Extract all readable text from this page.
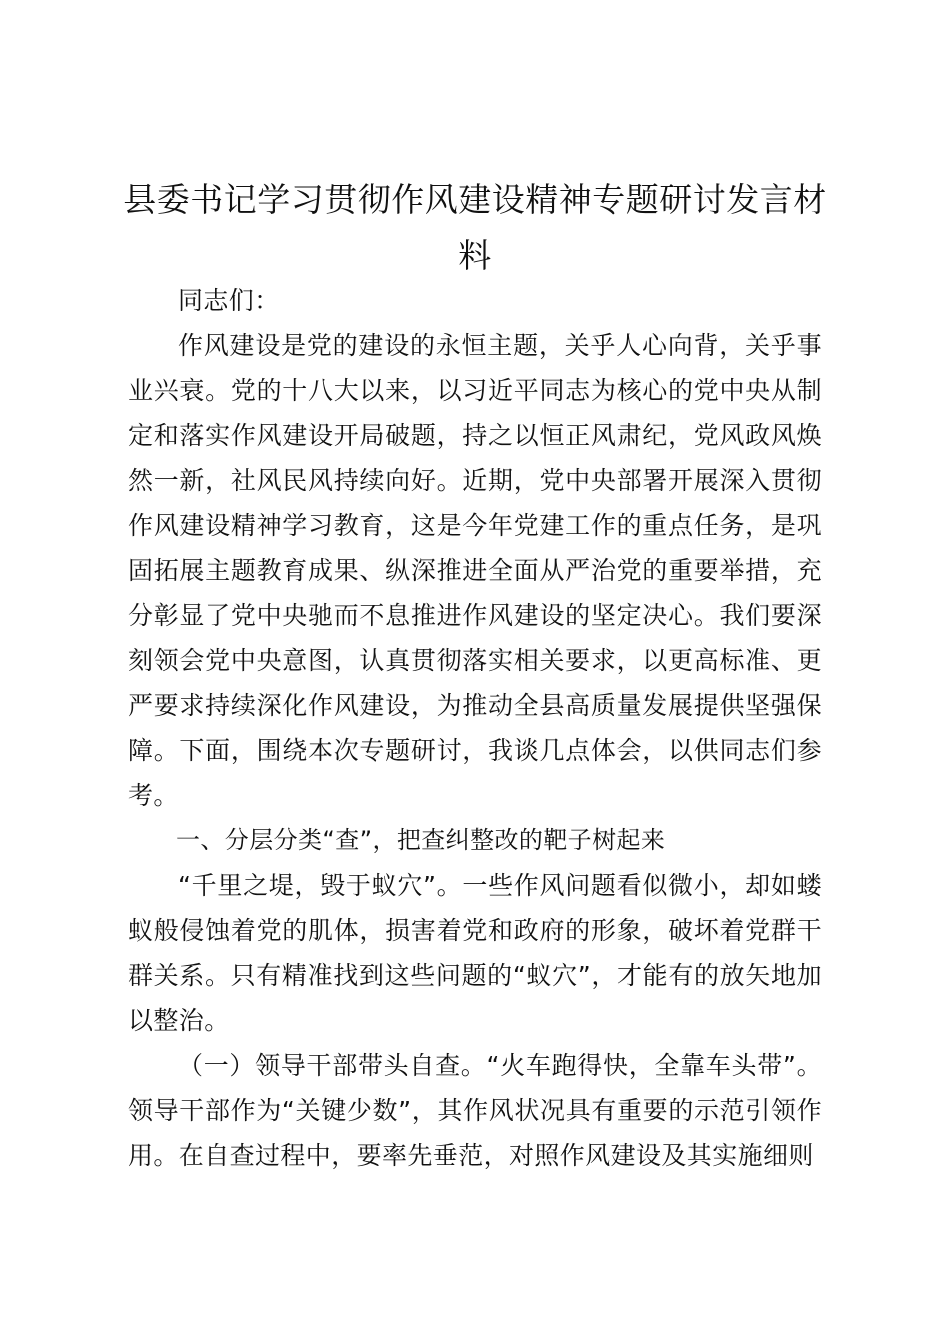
县委书记学习贯彻作风建设精神专题研讨发言材料

同志们：

作风建设是党的建设的永恒主题，关乎人心向背，关乎事业兴衰。党的十八大以来，以习近平同志为核心的党中央从制定和落实作风建设开局破题，持之以恒正风肃纪，党风政风焕然一新，社风民风持续向好。近期，党中央部署开展深入贯彻作风建设精神学习教育，这是今年党建工作的重点任务，是巩固拓展主题教育成果、纵深推进全面从严治党的重要举措，充分彰显了党中央驰而不息推进作风建设的坚定决心。我们要深刻领会党中央意图，认真贯彻落实相关要求，以更高标准、更严要求持续深化作风建设，为推动全县高质量发展提供坚强保障。下面，围绕本次专题研讨，我谈几点体会，以供同志们参考。

一、分层分类“查”，把查纠整改的靶子树起来

“千里之堤，毁于蚁穴”。一些作风问题看似微小，却如蝼蚁般侵蚀着党的肌体，损害着党和政府的形象，破坏着党群干群关系。只有精准找到这些问题的“蚁穴”，才能有的放矢地加以整治。

（一）领导干部带头自查。“火车跑得快，全靠车头带”。领导干部作为“关键少数”，其作风状况具有重要的示范引领作用。在自查过程中，要率先垂范，对照作风建设及其实施细则
